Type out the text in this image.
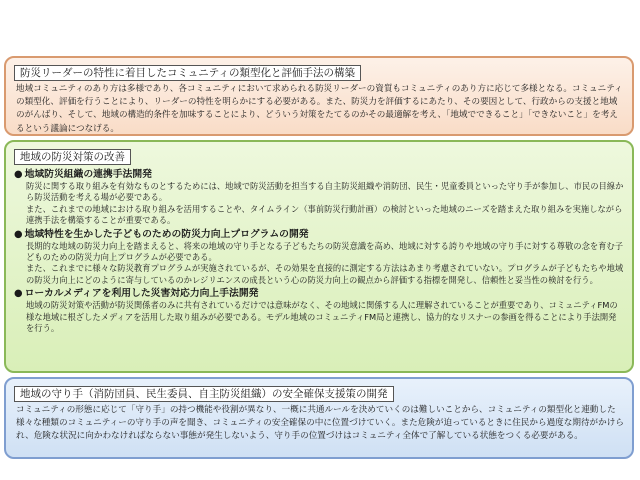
防災リーダーの特性に着目したコミュニティの類型化と評価手法の構築
地域コミュニティのあり方は多様であり、各コミュニティにおいて求められる防災リーダーの資質もコミュニティのあり方に応じて多様となる。コミュニティの類型化、評価を行うことにより、リーダーの特性を明らかにする必要がある。また、防災力を評価するにあたり、その要因として、行政からの支援と地域のがんばり、そして、地域の構造的条件を加味することにより、どういう対策をたてるのかその最適解を考え、「地域でできること」「できないこと」を考えるという議論につなげる。
地域の防災対策の改善
● 地域防災組織の連携手法開発

防災に関する取り組みを有効なものとするためには、地域で防災活動を担当する自主防災組織や消防団、民生・児童委員といった守り手が参加し、市民の目線から防災活動を考える場が必要である。

また、これまでの地域における取り組みを活用することや、タイムライン（事前防災行動計画）の検討といった地域のニーズを踏まえた取り組みを実施しながら連携手法を構築することが重要である。

● 地域特性を生かした子どものための防災力向上プログラムの開発

長期的な地域の防災力向上を踏まえると、将来の地域の守り手となる子どもたちの防災意識を高め、地域に対する誇りや地域の守り手に対する尊敬の念を育む子どものための防災力向上プログラムが必要である。

また、これまでに様々な防災教育プログラムが実施されているが、その効果を直接的に測定する方法はあまり考慮されていない。プログラムが子どもたちや地域の防災力向上にどのように寄与しているのかレジリエンスの成長という心の防災力向上の観点から評価する指標を開発し、信頼性と妥当性の検討を行う。

● ローカルメディアを利用した災害対応力向上手法開発

地域の防災対策や活動が防災関係者のみに共有されているだけでは意味がなく、その地域に関係する人に理解されていることが重要であり、コミュニティFMの様な地域に根ざしたメディアを活用した取り組みが必要である。モデル地域のコミュニティFM局と連携し、協力的なリスナーの参画を得ることにより手法開発を行う。

地域の守り手（消防団員、民生委員、自主防災組織）の安全確保支援策の開発
コミュニティの形態に応じて「守り手」の持つ機能や役割が異なり、一概に共通ルールを決めていくのは難しいことから、コミュニティの類型化と連動した様々な種類のコミュニティーの守り手の声を聞き、コミュニティの安全確保の中に位置づけていく。また危険が迫っているときに住民から過度な期待がかけられ、危険な状況に向かわなければならない事態が発生しないよう、守り手の位置づけはコミュニティ全体で了解している状態をつくる必要がある。
